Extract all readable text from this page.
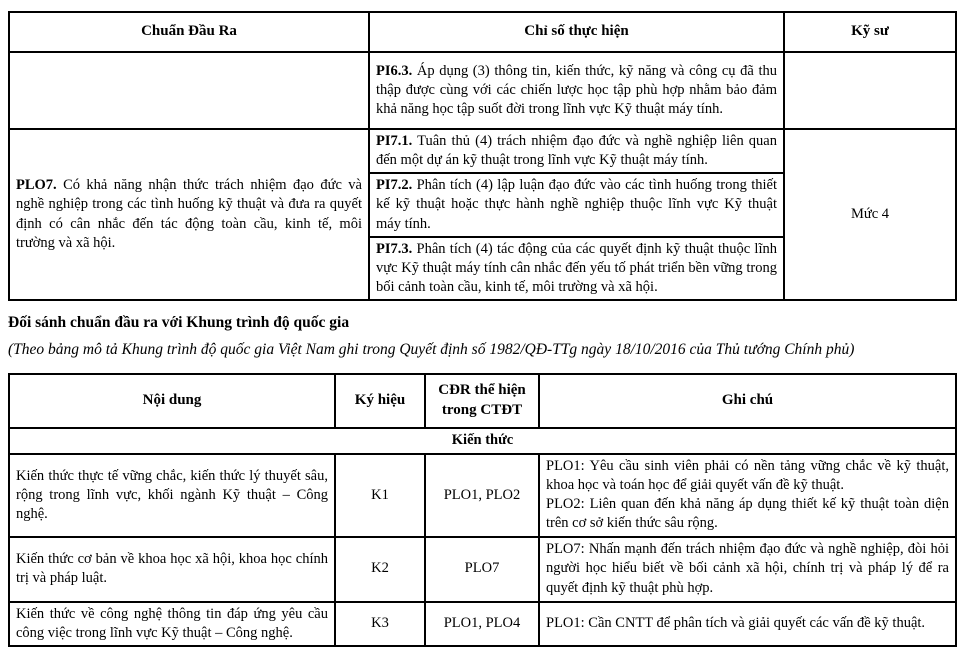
Chuẩn Đầu Ra	Chỉ số thực hiện	Kỹ sư
	PI6.3. Áp dụng (3) thông tin, kiến thức, kỹ năng và công cụ đã thu thập được cùng với các chiến lược học tập phù hợp nhằm bảo đảm khả năng học tập suốt đời trong lĩnh vực Kỹ thuật máy tính.	
PLO7. Có khả năng nhận thức trách nhiệm đạo đức và nghề nghiệp trong các tình huống kỹ thuật và đưa ra quyết định có cân nhắc đến tác động toàn cầu, kinh tế, môi trường và xã hội.	PI7.1. Tuân thủ (4) trách nhiệm đạo đức và nghề nghiệp liên quan đến một dự án kỹ thuật trong lĩnh vực Kỹ thuật máy tính.	Mức 4
	PI7.2. Phân tích (4) lập luận đạo đức vào các tình huống trong thiết kế kỹ thuật hoặc thực hành nghề nghiệp thuộc lĩnh vực Kỹ thuật máy tính.	
	PI7.3. Phân tích (4) tác động của các quyết định kỹ thuật thuộc lĩnh vực Kỹ thuật máy tính cân nhắc đến yếu tố phát triển bền vững trong bối cảnh toàn cầu, kinh tế, môi trường và xã hội.	
Đối sánh chuẩn đầu ra với Khung trình độ quốc gia
(Theo bảng mô tả Khung trình độ quốc gia Việt Nam ghi trong Quyết định số 1982/QĐ-TTg ngày 18/10/2016 của Thủ tướng Chính phủ)
Nội dung	Ký hiệu	CĐR thể hiện trong CTĐT	Ghi chú
Kiến thức			
Kiến thức thực tế vững chắc, kiến thức lý thuyết sâu, rộng trong lĩnh vực, khối ngành Kỹ thuật – Công nghệ.	K1	PLO1, PLO2	PLO1: Yêu cầu sinh viên phải có nền tảng vững chắc về kỹ thuật, khoa học và toán học để giải quyết vấn đề kỹ thuật.
PLO2: Liên quan đến khả năng áp dụng thiết kế kỹ thuật toàn diện trên cơ sở kiến thức sâu rộng.

Kiến thức cơ bản về khoa học xã hội, khoa học chính trị và pháp luật.	K2	PLO7	PLO7: Nhấn mạnh đến trách nhiệm đạo đức và nghề nghiệp, đòi hỏi người học hiểu biết về bối cảnh xã hội, chính trị và pháp lý để ra quyết định kỹ thuật phù hợp.

Kiến thức về công nghệ thông tin đáp ứng yêu cầu công việc trong lĩnh vực Kỹ thuật – Công nghệ.	K3	PLO1, PLO4	PLO1: Cần CNTT để phân tích và giải quyết các vấn đề kỹ thuật.
